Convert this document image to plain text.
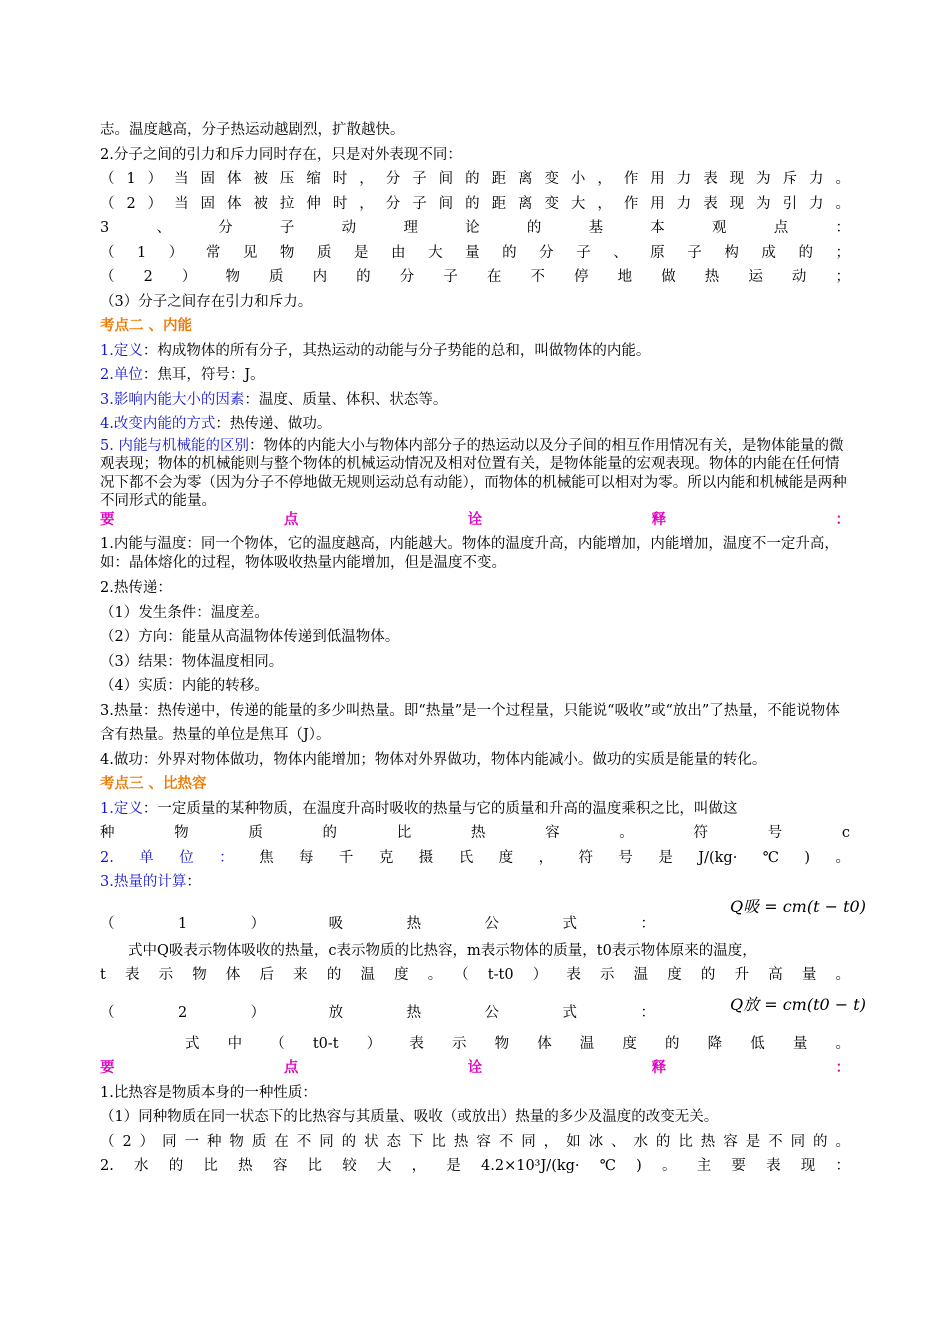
志。温度越高，分子热运动越剧烈，扩散越快。
2.分子之间的引力和斥力同时存在，只是对外表现不同：
（1）当固体被压缩时，分子间的距离变小，作用力表现为斥力。
（2）当固体被拉伸时，分子间的距离变大，作用力表现为引力。
3、分子动理论的基本观点：
（1）常见物质是由大量的分子、原子构成的；
（2）物质内的分子在不停地做热运动；
（3）分子之间存在引力和斥力。
考点二 、内能
1.定义：构成物体的所有分子，其热运动的动能与分子势能的总和，叫做物体的内能。
2.单位：焦耳，符号：J。
3.影响内能大小的因素：温度、质量、体积、状态等。
4.改变内能的方式：热传递、做功。
5. 内能与机械能的区别：物体的内能大小与物体内部分子的热运动以及分子间的相互作用情况有关，是物体能量的微观表现；物体的机械能则与整个物体的机械运动情况及相对位置有关，是物体能量的宏观表现。物体的内能在任何情况下都不会为零（因为分子不停地做无规则运动总有动能），而物体的机械能可以相对为零。所以内能和机械能是两种不同形式的能量。
要点诠释：
1.内能与温度：同一个物体，它的温度越高，内能越大。物体的温度升高，内能增加，内能增加，温度不一定升高，如：晶体熔化的过程，物体吸收热量内能增加，但是温度不变。
2.热传递：
（1）发生条件：温度差。
（2）方向：能量从高温物体传递到低温物体。
（3）结果：物体温度相同。
（4）实质：内能的转移。
3.热量：热传递中，传递的能量的多少叫热量。即“热量”是一个过程量，只能说“吸收”或“放出”了热量，不能说物体含有热量。热量的单位是焦耳（J）。
4.做功：外界对物体做功，物体内能增加；物体对外界做功，物体内能减小。做功的实质是能量的转化。
考点三 、比热容
1.定义：一定质量的某种物质，在温度升高时吸收的热量与它的质量和升高的温度乘积之比，叫做这
种物质的比热容。符号c
2.单位：焦每千克摄氏度，符号是J/(kg·℃)。
3.热量的计算：
（1）吸热公式：
Q吸 = cm(t − t0)
式中Q吸表示物体吸收的热量，c表示物质的比热容，m表示物体的质量，t0表示物体原来的温度，
t表示物体后来的温度。（t-t0）表示温度的升高量。
（2）放热公式：	Q放 = cm(t0 − t)
式中（t0-t）表示物体温度的降低量。
要点诠释：
1.比热容是物质本身的一种性质：
（1）同种物质在同一状态下的比热容与其质量、吸收（或放出）热量的多少及温度的改变无关。
（2）同一种物质在不同的状态下比热容不同，如冰、水的比热容是不同的。
2.水的比热容比较大，是4.2×10³J/(kg·℃)。主要表现：
